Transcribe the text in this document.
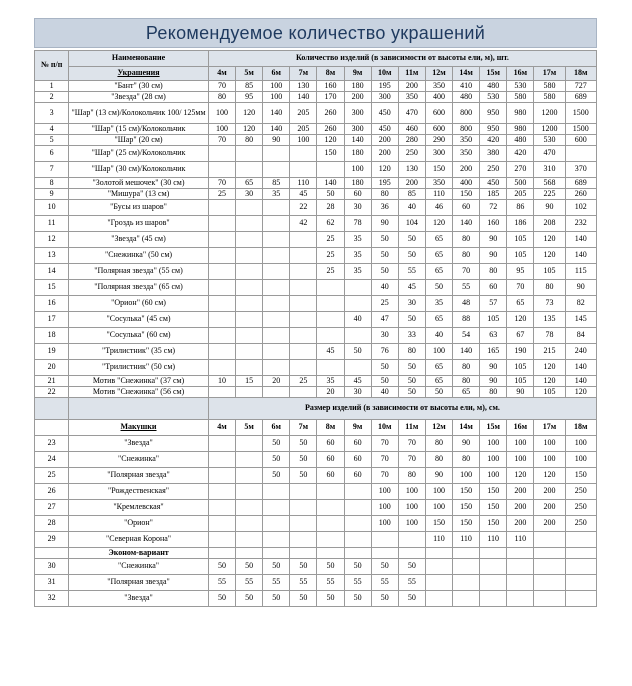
Рекомендуемое количество украшений
№ п/п	Наименование	Количество изделий (в зависимости от высоты ели, м), шт.													
	Украшения	4м	5м	6м	7м	8м	9м	10м	11м	12м	14м	15м	16м	17м	18м
1	"Бант" (30 см)	70	85	100	130	160	180	195	200	350	410	480	530	580	727
2	"Звезда" (28 см)	80	95	100	140	170	200	300	350	400	480	530	580	580	689
3	"Шар" (13 см)/Колокольчик 100/ 125мм	100	120	140	205	260	300	450	470	600	800	950	980	1200	1500
4	"Шар" (15 см)/Колокольчик	100	120	140	205	260	300	450	460	600	800	950	980	1200	1500
5	"Шар" (20 см)	70	80	90	100	120	140	200	280	290	350	420	480	530	600
6	"Шар" (25 см)/Колокольчик					150	180	200	250	300	350	380	420	470	
7	"Шар" (30 см)/Колокольчик						100	120	130	150	200	250	270	310	370
8	"Золотой мешочек" (30 см)	70	65	85	110	140	180	195	200	350	400	450	500	568	689
9	"Мишура" (13 см)	25	30	35	45	50	60	80	85	110	150	185	205	225	260
10	"Бусы из шаров"				22	28	30	36	40	46	60	72	86	90	102
11	"Гроздь из шаров"				42	62	78	90	104	120	140	160	186	208	232
12	"Звезда" (45 см)					25	35	50	50	65	80	90	105	120	140
13	"Снежинка" (50 см)					25	35	50	50	65	80	90	105	120	140
14	"Полярная звезда" (55 см)					25	35	50	55	65	70	80	95	105	115
15	"Полярная звезда" (65 см)							40	45	50	55	60	70	80	90
16	"Орион" (60 см)							25	30	35	48	57	65	73	82
17	"Сосулька" (45 см)						40	47	50	65	88	105	120	135	145
18	"Сосулька" (60 см)							30	33	40	54	63	67	78	84
19	"Трилистник" (35 см)					45	50	76	80	100	140	165	190	215	240
20	"Трилистник" (50 см)							50	50	65	80	90	105	120	140
21	Мотив "Снежинка" (37 см)	10	15	20	25	35	45	50	50	65	80	90	105	120	140
22	Мотив "Снежинка" (56 см)					20	30	40	50	50	65	80	90	105	120
		Размер изделий (в зависимости от высоты ели, м), см.													
	Макушки	4м	5м	6м	7м	8м	9м	10м	11м	12м	14м	15м	16м	17м	18м
23	"Звезда"			50	50	60	60	70	70	80	90	100	100	100	100
24	"Снежинка"			50	50	60	60	70	70	80	80	100	100	100	100
25	"Полярная звезда"			50	50	60	60	70	80	90	100	100	120	120	150
26	"Рождественская"							100	100	100	150	150	200	200	250
27	"Кремлевская"							100	100	100	150	150	200	200	250
28	"Орион"							100	100	150	150	150	200	200	250
29	"Северная Корона"									110	110	110	110		
	Эконом-вариант														
30	"Снежинка"	50	50	50	50	50	50	50	50						
31	"Полярная звезда"	55	55	55	55	55	55	55	55						
32	"Звезда"	50	50	50	50	50	50	50	50						
